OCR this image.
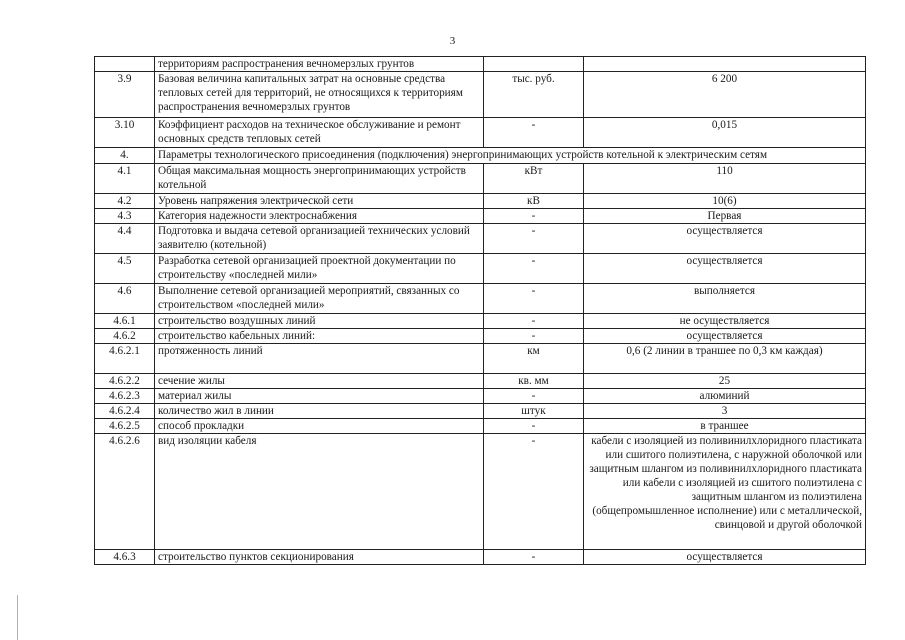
3
	территориям распространения вечномерзлых грунтов		
3.9	Базовая величина капитальных затрат на основные средства тепловых сетей для территорий, не относящихся к территориям распространения вечномерзлых грунтов	тыс. руб.	6 200
3.10	Коэффициент расходов на техническое обслуживание и ремонт основных средств тепловых сетей	-	0,015
4.	Параметры технологического присоединения (подключения) энергопринимающих устройств котельной к электрическим сетям		
4.1	Общая максимальная мощность энергопринимающих устройств котельной	кВт	110
4.2	Уровень напряжения электрической сети	кВ	10(6)
4.3	Категория надежности электроснабжения	-	Первая
4.4	Подготовка и выдача сетевой организацией технических условий заявителю (котельной)	-	осуществляется
4.5	Разработка сетевой организацией проектной документации по строительству «последней мили»	-	осуществляется
4.6	Выполнение сетевой организацией мероприятий, связанных со строительством «последней мили»	-	выполняется
4.6.1	строительство воздушных линий	-	не осуществляется
4.6.2	строительство кабельных линий:	-	осуществляется
4.6.2.1	протяженность линий	км	0,6 (2 линии в траншее по 0,3 км каждая)
4.6.2.2	сечение жилы	кв. мм	25
4.6.2.3	материал жилы	-	алюминий
4.6.2.4	количество жил в линии	штук	3
4.6.2.5	способ прокладки	-	в траншее
4.6.2.6	вид изоляции кабеля	-	кабели с изоляцией из поливинилхлоридного пластиката или сшитого полиэтилена, с наружной оболочкой или защитным шлангом из поливинилхлоридного пластиката или кабели с изоляцией из сшитого полиэтилена с защитным шлангом из полиэтилена (общепромышленное исполнение) или с металлической, свинцовой и другой оболочкой
4.6.3	строительство пунктов секционирования	-	осуществляется
